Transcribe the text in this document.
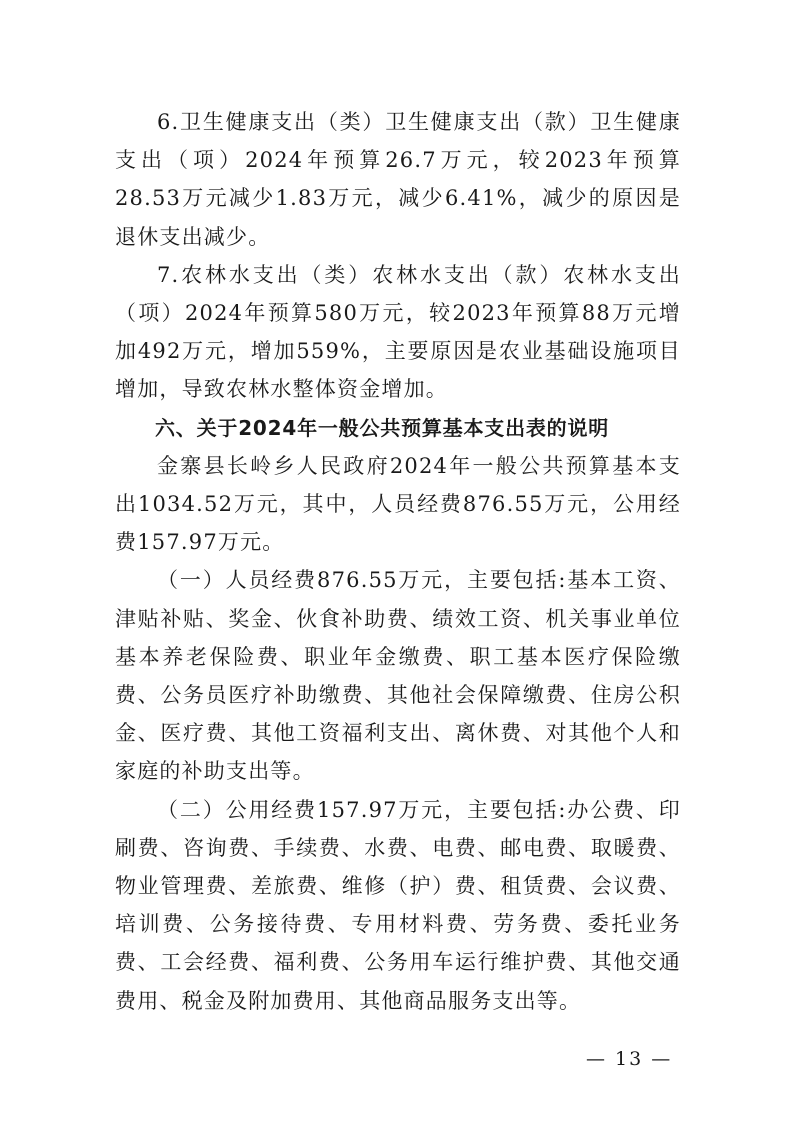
6.卫生健康支出（类）卫生健康支出（款）卫生健康支出（项）2024年预算26.7万元，较2023年预算28.53万元减少1.83万元，减少6.41%，减少的原因是退休支出减少。

7.农林水支出（类）农林水支出（款）农林水支出（项）2024年预算580万元，较2023年预算88万元增加492万元，增加559%，主要原因是农业基础设施项目增加，导致农林水整体资金增加。

六、关于2024年一般公共预算基本支出表的说明

金寨县长岭乡人民政府2024年一般公共预算基本支出1034.52万元，其中，人员经费876.55万元，公用经费157.97万元。

（一）人员经费876.55万元，主要包括:基本工资、津贴补贴、奖金、伙食补助费、绩效工资、机关事业单位基本养老保险费、职业年金缴费、职工基本医疗保险缴费、公务员医疗补助缴费、其他社会保障缴费、住房公积金、医疗费、其他工资福利支出、离休费、对其他个人和家庭的补助支出等。

（二）公用经费157.97万元，主要包括:办公费、印刷费、咨询费、手续费、水费、电费、邮电费、取暖费、物业管理费、差旅费、维修（护）费、租赁费、会议费、培训费、公务接待费、专用材料费、劳务费、委托业务费、工会经费、福利费、公务用车运行维护费、其他交通费用、税金及附加费用、其他商品服务支出等。

— 13 —
